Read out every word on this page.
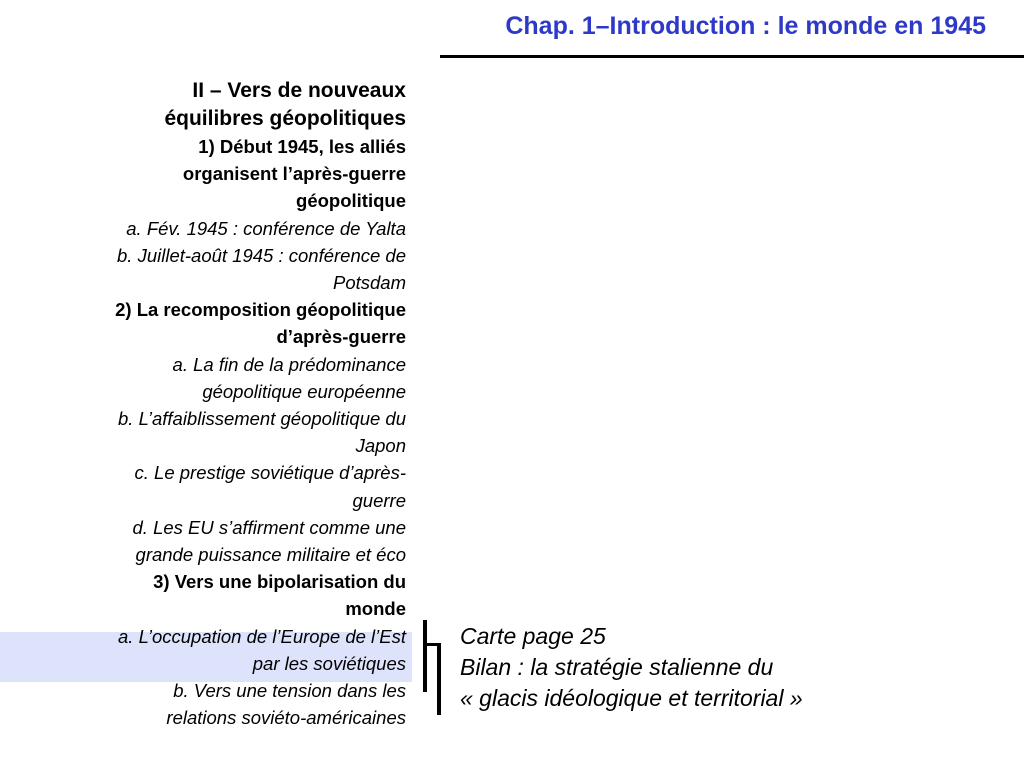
Chap. 1–Introduction : le monde en 1945
II – Vers de nouveaux
équilibres géopolitiques
1) Début 1945, les alliés
organisent l’après-guerre
géopolitique
a. Fév. 1945 : conférence de Yalta
b. Juillet-août 1945 : conférence de
Potsdam
2) La recomposition géopolitique
d’après-guerre
a. La fin de la prédominance
géopolitique européenne
b. L’affaiblissement géopolitique du
Japon
c. Le prestige soviétique d’après-
guerre
d. Les EU s’affirment comme une
grande puissance militaire et éco
3) Vers une bipolarisation du
monde
a. L’occupation de l’Europe de l’Est
par les soviétiques
b. Vers une tension dans les
relations soviéto-américaines
Carte page 25
Bilan : la stratégie stalienne du
« glacis idéologique et territorial »
